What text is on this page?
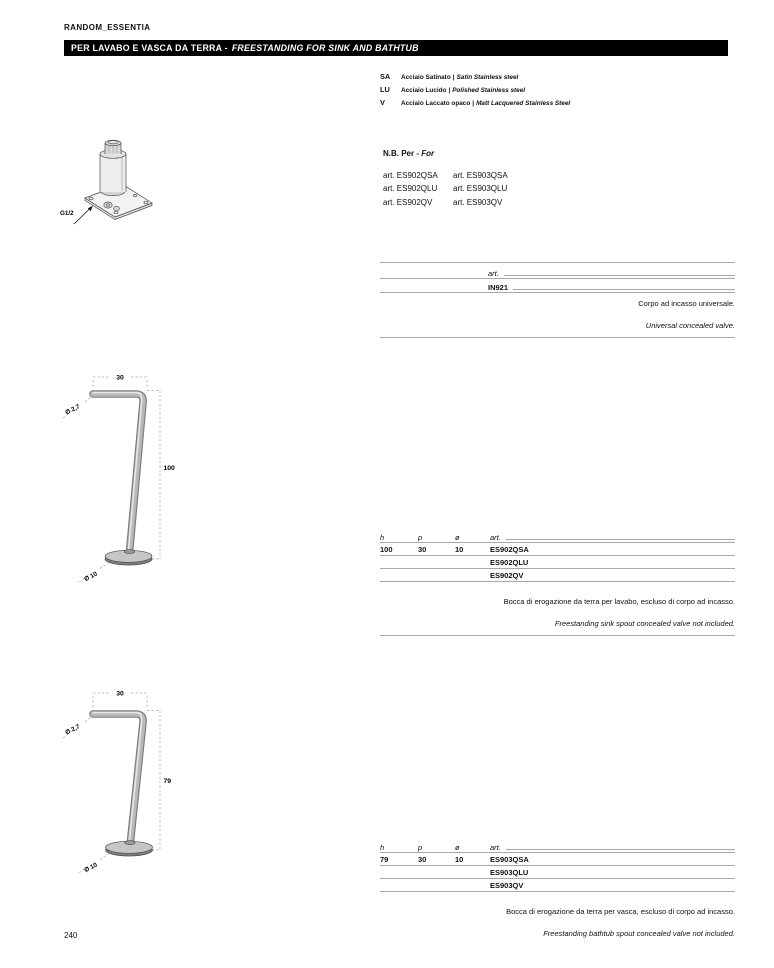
RANDOM_ESSENTIA
PER LAVABO E VASCA DA TERRA - FREESTANDING FOR SINK AND BATHTUB
SA	Acciaio Satinato | Satin Stainless steel
LU	Acciaio Lucido | Polished Stainless steel
V	Acciaio Laccato opaco | Matt Lacquered Stainless Steel
G1/2
N.B. Per - For
art. ES902QSA
art. ES902QLU
art. ES902QV
art. ES903QSA
art. ES903QLU
art. ES903QV
art.
IN921
Corpo ad incasso universale.
Universal concealed valve.
30
100
Ø 2,7
Ø 10
h	p	ø	art.
100	30	10	ES902QSA
ES902QLU
ES902QV
Bocca di erogazione da terra per lavabo, escluso di corpo ad incasso.
Freestanding sink spout concealed valve not included.
30
79
Ø 2,7
Ø 10
h	p	ø	art.
79	30	10	ES903QSA
ES903QLU
ES903QV
Bocca di erogazione da terra per vasca, escluso di corpo ad incasso.
Freestanding bathtub spout concealed valve not included.
240
